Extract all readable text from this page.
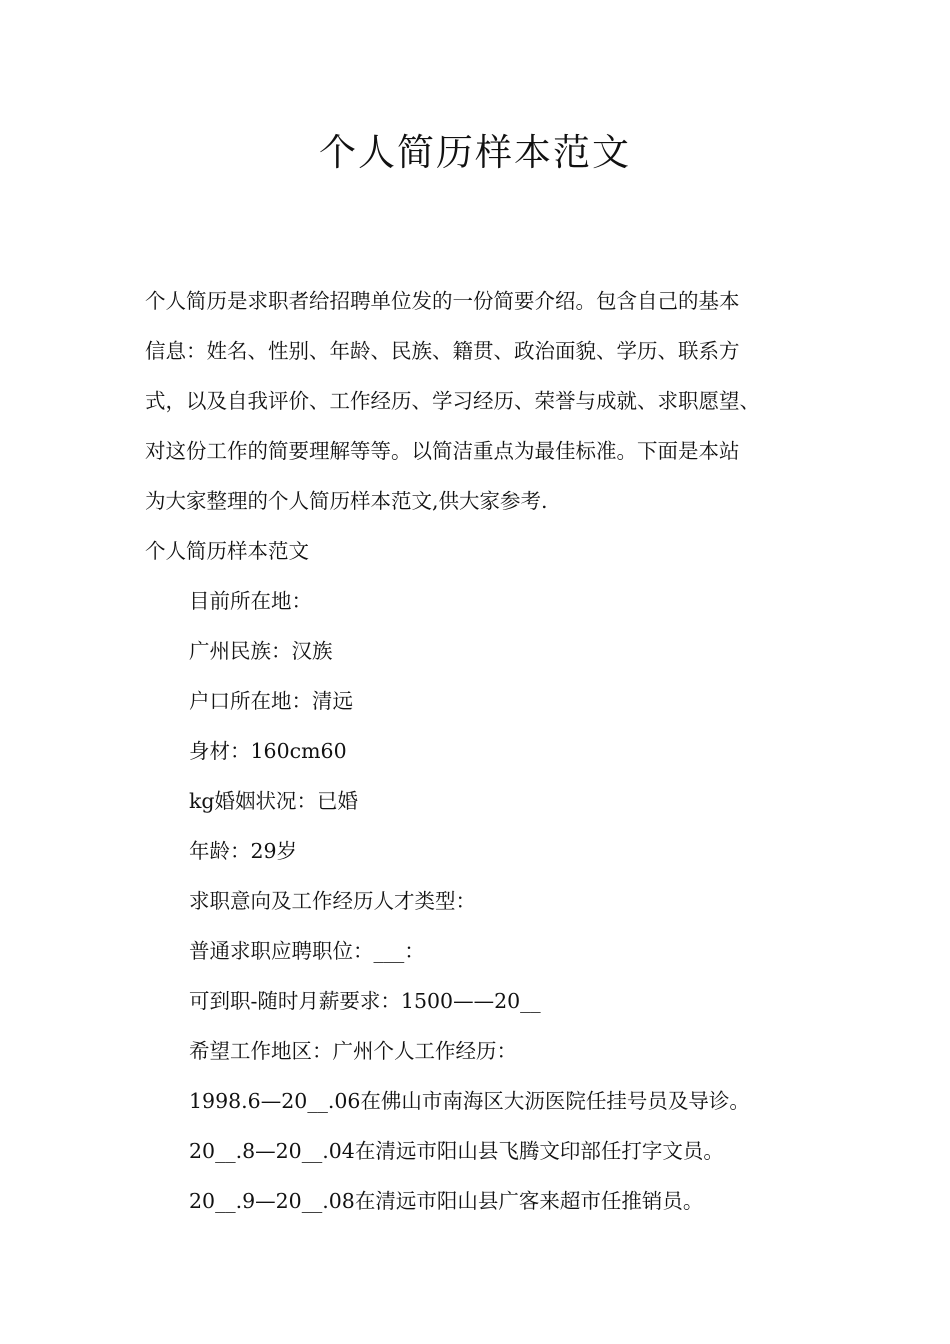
个人简历样本范文
个人简历是求职者给招聘单位发的一份简要介绍。包含自己的基本
信息：姓名、性别、年龄、民族、籍贯、政治面貌、学历、联系方
式，以及自我评价、工作经历、学习经历、荣誉与成就、求职愿望、
对这份工作的简要理解等等。以简洁重点为最佳标准。下面是本站
为大家整理的个人简历样本范文,供大家参考.
个人简历样本范文
目前所在地：
广州民族：汉族
户口所在地：清远
身材：160cm60
kg婚姻状况：已婚
年龄：29岁
求职意向及工作经历人才类型：
普通求职应聘职位：___：
可到职-随时月薪要求：1500——20__
希望工作地区：广州个人工作经历：
1998.6—20__.06在佛山市南海区大沥医院任挂号员及导诊。
20__.8—20__.04在清远市阳山县飞腾文印部任打字文员。
20__.9—20__.08在清远市阳山县广客来超市任推销员。
